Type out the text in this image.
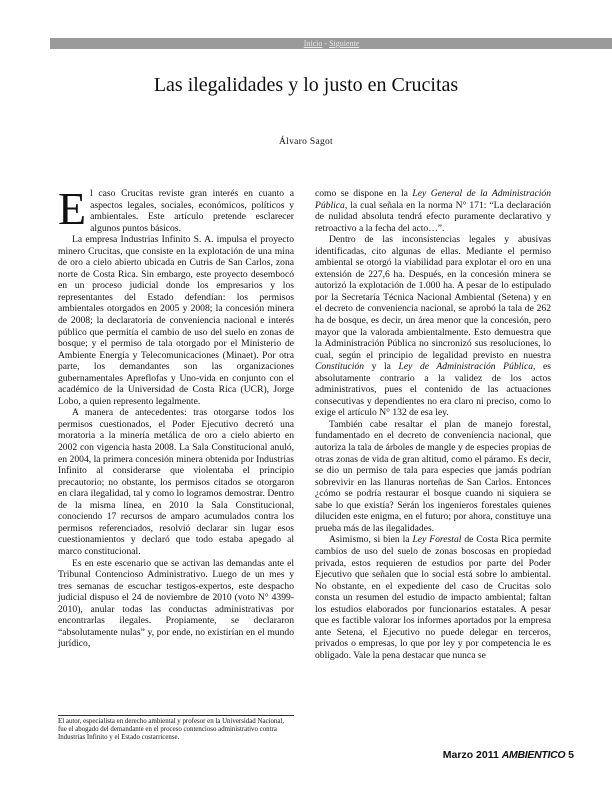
Inicio - Siguiente
Las ilegalidades y lo justo en Crucitas
Álvaro Sagot

El caso Crucitas reviste gran interés en cuanto a aspectos legales, sociales, económicos, políticos y ambientales. Este artículo pretende esclarecer algunos puntos básicos.

La empresa Industrias Infinito S. A. impulsa el proyecto minero Crucitas, que consiste en la explotación de una mina de oro a cielo abierto ubicada en Cutris de San Carlos, zona norte de Costa Rica. Sin embargo, este proyecto desembocó en un proceso judicial donde los empresarios y los representantes del Estado defendían: los permisos ambientales otorgados en 2005 y 2008; la concesión minera de 2008; la declaratoria de conveniencia nacional e interés público que permitía el cambio de uso del suelo en zonas de bosque; y el permiso de tala otorgado por el Ministerio de Ambiente Energía y Telecomunicaciones (Minaet). Por otra parte, los demandantes son las organizaciones gubernamentales Apreflofas y Uno-vida en conjunto con el académico de la Universidad de Costa Rica (UCR), Jorge Lobo, a quien represento legalmente.

A manera de antecedentes: tras otorgarse todos los permisos cuestionados, el Poder Ejecutivo decretó una moratoria a la minería metálica de oro a cielo abierto en 2002 con vigencia hasta 2008. La Sala Constitucional anuló, en 2004, la primera concesión minera obtenida por Industrias Infinito al considerarse que violentaba el principio precautorio; no obstante, los permisos citados se otorgaron en clara ilegalidad, tal y como lo logramos demostrar. Dentro de la misma línea, en 2010 la Sala Constitucional, conociendo 17 recursos de amparo acumulados contra los permisos referenciados, resolvió declarar sin lugar esos cuestionamientos y declaró que todo estaba apegado al marco constitucional.

Es en este escenario que se activan las demandas ante el Tribunal Contencioso Administrativo. Luego de un mes y tres semanas de escuchar testigos-expertos, este despacho judicial dispuso el 24 de noviembre de 2010 (voto N° 4399-2010), anular todas las conductas administrativas por encontrarlas ilegales. Propiamente, se declararon “absolutamente nulas” y, por ende, no existirían en el mundo jurídico,

como se dispone en la Ley General de la Administración Pública, la cual señala en la norma N° 171: “La declaración de nulidad absoluta tendrá efecto puramente declarativo y retroactivo a la fecha del acto…”.

Dentro de las inconsistencias legales y abusivas identificadas, cito algunas de ellas. Mediante el permiso ambiental se otorgó la viabilidad para explotar el oro en una extensión de 227,6 ha. Después, en la concesión minera se autorizó la explotación de 1.000 ha. A pesar de lo estipulado por la Secretaría Técnica Nacional Ambiental (Setena) y en el decreto de conveniencia nacional, se aprobó la tala de 262 ha de bosque, es decir, un área menor que la concesión, pero mayor que la valorada ambientalmente. Esto demuestra que la Administración Pública no sincronizó sus resoluciones, lo cual, según el principio de legalidad previsto en nuestra Constitución y la Ley de Administración Pública, es absolutamente contrario a la validez de los actos administrativos, pues el contenido de las actuaciones consecutivas y dependientes no era claro ni preciso, como lo exige el artículo N° 132 de esa ley.

También cabe resaltar el plan de manejo forestal, fundamentado en el decreto de conveniencia nacional, que autoriza la tala de árboles de mangle y de especies propias de otras zonas de vida de gran altitud, como el páramo. Es decir, se dio un permiso de tala para especies que jamás podrían sobrevivir en las llanuras norteñas de San Carlos. Entonces ¿cómo se podría restaurar el bosque cuando ni siquiera se sabe lo que existía? Serán los ingenieros forestales quienes diluciden este enigma, en el futuro; por ahora, constituye una prueba más de las ilegalidades.

Asimismo, si bien la Ley Forestal de Costa Rica permite cambios de uso del suelo de zonas boscosas en propiedad privada, estos requieren de estudios por parte del Poder Ejecutivo que señalen que lo social está sobre lo ambiental. No obstante, en el expediente del caso de Crucitas solo consta un resumen del estudio de impacto ambiental; faltan los estudios elaborados por funcionarios estatales. A pesar que es factible valorar los informes aportados por la empresa ante Setena, el Ejecutivo no puede delegar en terceros, privados o empresas, lo que por ley y por competencia le es obligado. Vale la pena destacar que nunca se

El autor, especialista en derecho ambiental y profesor en la Universidad Nacional, fue el abogado del demandante en el proceso contencioso administrativo contra Industrias Infinito y el Estado costarricense.
Marzo 2011 AMBIENTICO 5
